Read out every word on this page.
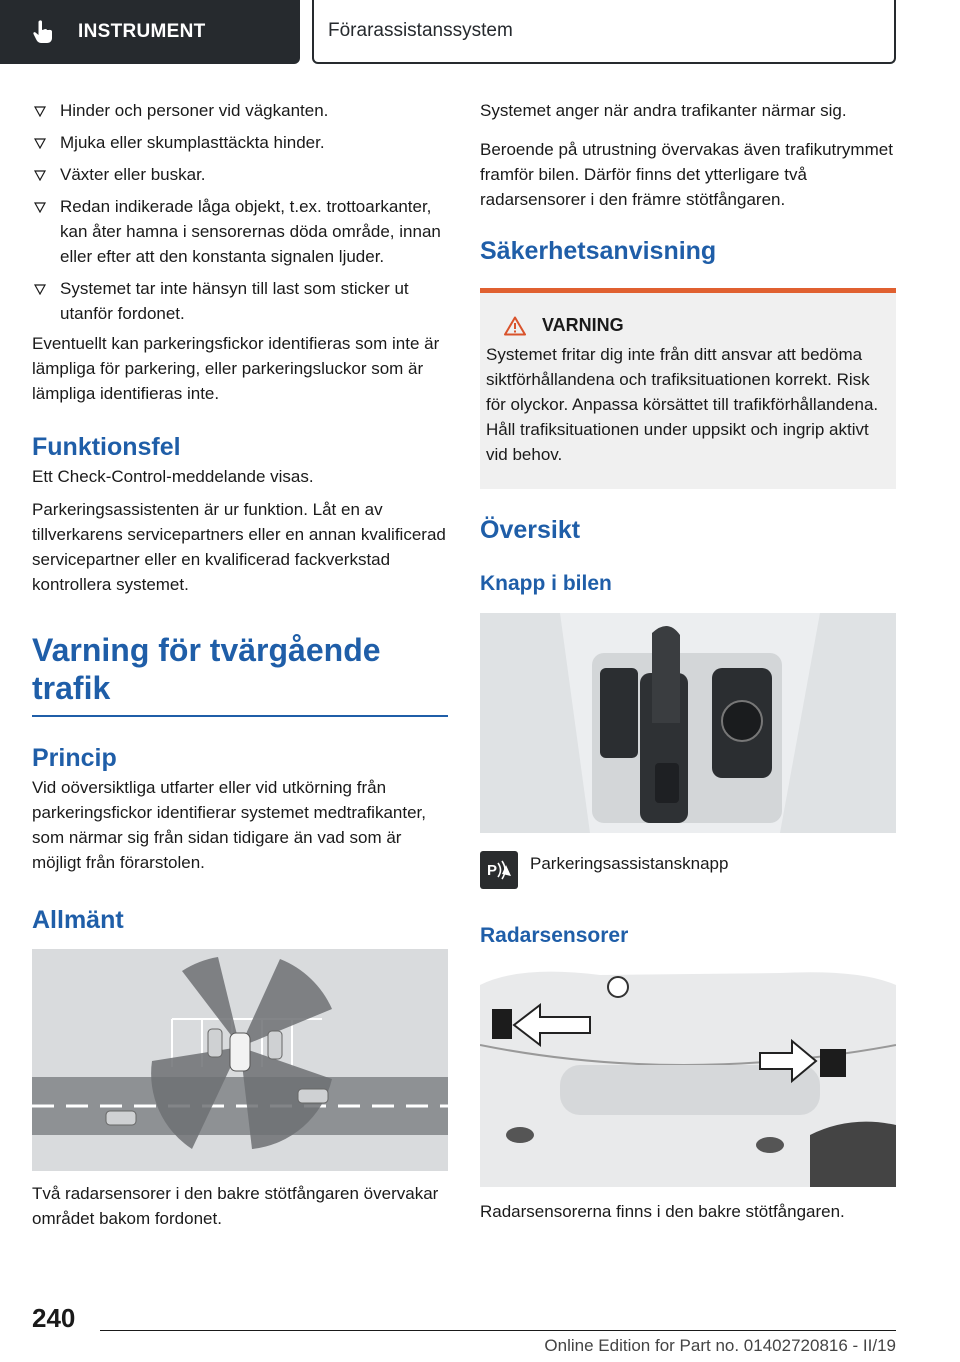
INSTRUMENT	Förarassistanssystem
Hinder och personer vid vägkanten.
Mjuka eller skumplasttäckta hinder.
Växter eller buskar.
Redan indikerade låga objekt, t.ex. trottoarkanter, kan åter hamna i sensorernas döda område, innan eller efter att den konstanta signalen ljuder.
Systemet tar inte hänsyn till last som sticker ut utanför fordonet.

Eventuellt kan parkeringsfickor identifieras som inte är lämpliga för parkering, eller parkeringsluckor som är lämpliga identifieras inte.

Funktionsfel

Ett Check-Control-meddelande visas.

Parkeringsassistenten är ur funktion. Låt en av tillverkarens servicepartners eller en annan kvalificerad servicepartner eller en kvalificerad fackverkstad kontrollera systemet.

Varning för tvärgående trafik
Princip

Vid oöversiktliga utfarter eller vid utkörning från parkeringsfickor identifierar systemet medtrafikanter, som närmar sig från sidan tidigare än vad som är möjligt från förarstolen.

Allmänt

Två radarsensorer i den bakre stötfångaren övervakar området bakom fordonet.

Systemet anger när andra trafikanter närmar sig.

Beroende på utrustning övervakas även trafikutrymmet framför bilen. Därför finns det ytterligare två radarsensorer i den främre stötfångaren.

Säkerhetsanvisning
VARNING

Systemet fritar dig inte från ditt ansvar att bedöma siktförhållandena och trafiksituationen korrekt. Risk för olyckor. Anpassa körsättet till trafikförhållandena. Håll trafiksituationen under uppsikt och ingrip aktivt vid behov.

Översikt
Knapp i bilen
P Parkeringsassistansknapp
Radarsensorer

Radarsensorerna finns i den bakre stötfångaren.

240
Online Edition for Part no. 01402720816 - II/19
